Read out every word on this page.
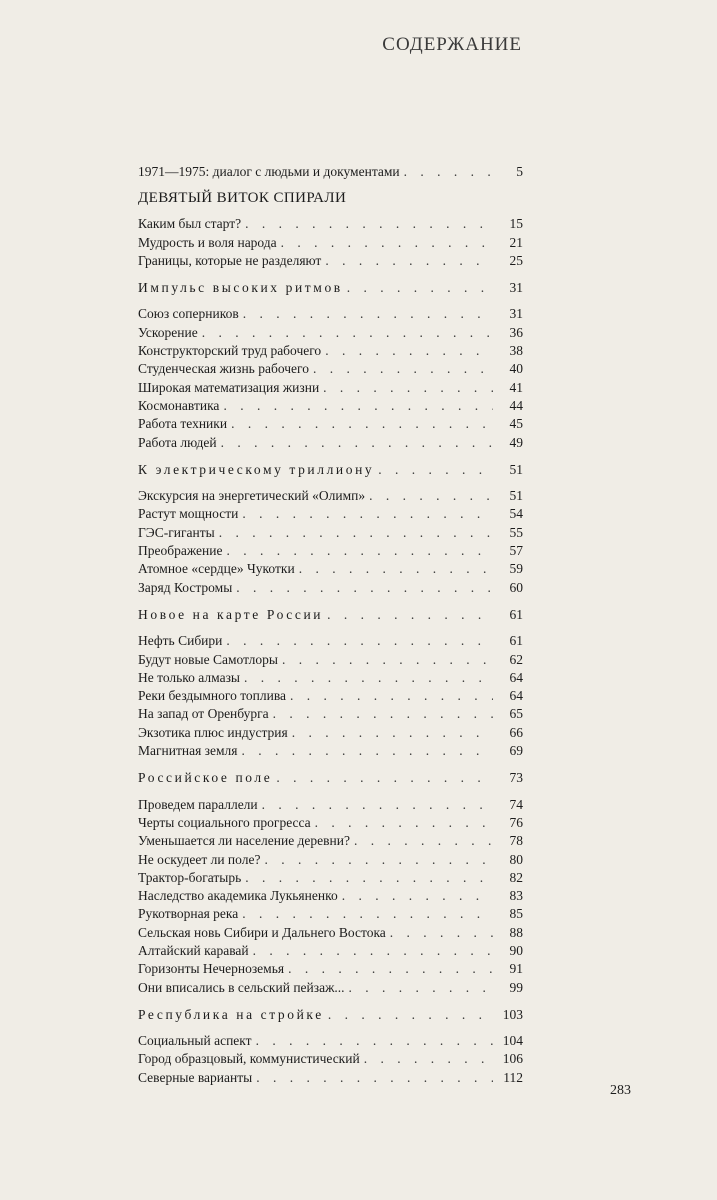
СОДЕРЖАНИЕ
1971—1975: диалог с людьми и документами . . .	5
ДЕВЯТЫЙ ВИТОК СПИРАЛИ
Каким был старт? . . .	15
Мудрость и воля народа . . .	21
Границы, которые не разделяют . . .	25
Импульс высоких ритмов . . .	31
Союз соперников . . .	31
Ускорение . . .	36
Конструкторский труд рабочего . . .	38
Студенческая жизнь рабочего . . .	40
Широкая математизация жизни . . .	41
Космонавтика . . .	44
Работа техники . . .	45
Работа людей . . .	49
К электрическому триллиону . . .	51
Экскурсия на энергетический «Олимп» . . .	51
Растут мощности . . .	54
ГЭС-гиганты . . .	55
Преображение . . .	57
Атомное «сердце» Чукотки . . .	59
Заряд Костромы . . .	60
Новое на карте России . . .	61
Нефть Сибири . . .	61
Будут новые Самотлоры . . .	62
Не только алмазы . . .	64
Реки бездымного топлива . . .	64
На запад от Оренбурга . . .	65
Экзотика плюс индустрия . . .	66
Магнитная земля . . .	69
Российское поле . . .	73
Проведем параллели . . .	74
Черты социального прогресса . . .	76
Уменьшается ли население деревни? . . .	78
Не оскудеет ли поле? . . .	80
Трактор-богатырь . . .	82
Наследство академика Лукьяненко . . .	83
Рукотворная река . . .	85
Сельская новь Сибири и Дальнего Востока . . .	88
Алтайский каравай . . .	90
Горизонты Нечерноземья . . .	91
Они вписались в сельский пейзаж... . . .	99
Республика на стройке . . .	103
Социальный аспект . . .	104
Город образцовый, коммунистический . . .	106
Северные варианты . . .	112
283
